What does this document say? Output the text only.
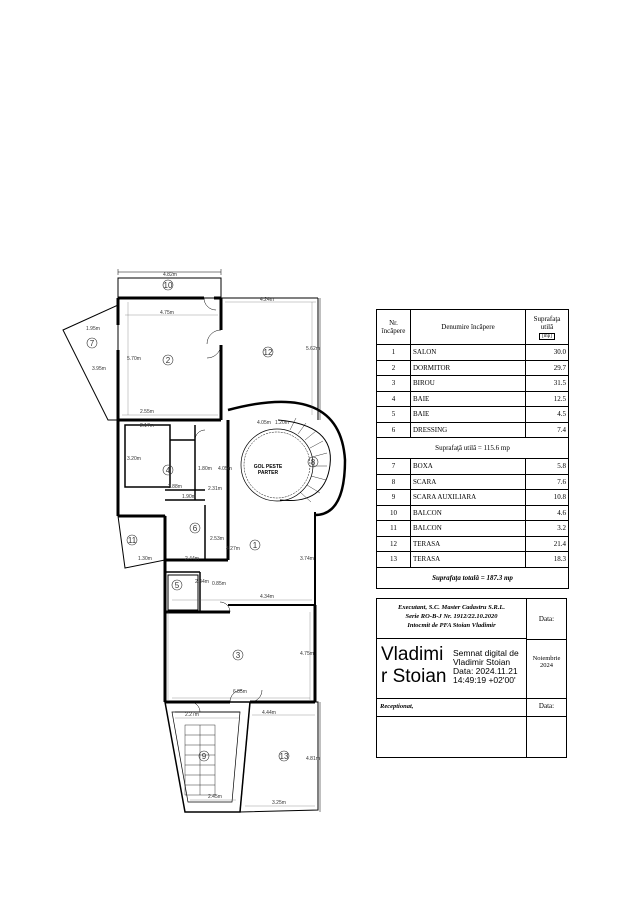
4.82m
4.75m
4.24m
5.70m
5.62m
2.55m
2.17m	4.05m 1.20m
3.20m
2.88m
1.80m
1.90m
2.31m
4.05m
1.30m	2.44m
4.27m
3.74m
2.44m
2.53m
0.85m
4.34m
4.75m
6.85m
4.44m
2.27m
4.81m
2.45m
3.25m
1.95m
3.95m
1
2
3
4
5
6
7
8
9
10
11
12
13
GOL PESTE
PARTER
Nr. încăpere	Denumire încăpere	Suprafaţa utilă
[mp]
1	SALON	30.0
2	DORMITOR	29.7
3	BIROU	31.5
4	BAIE	12.5
5	BAIE	4.5
6	DRESSING	7.4
Suprafaţă utilă = 115.6 mp		
7	BOXA	5.8
8	SCARA	7.6
9	SCARA AUXILIARA	10.8
10	BALCON	4.6
11	BALCON	3.2
12	TERASA	21.4
13	TERASA	18.3
Suprafaţa totală = 187.3 mp		
Executant, S.C. Master Cadastru S.R.L.
Serie RO-B-J Nr. 1912/22.10.2020
Intocmit de PFA Stoian Vladimir
Vladimi
r Stoian
Semnat digital de
Vladimir Stoian
Data: 2024.11.21
14:49:19 +02'00'
Receptionat,
Data:
Noiembrie
2024
Data:
